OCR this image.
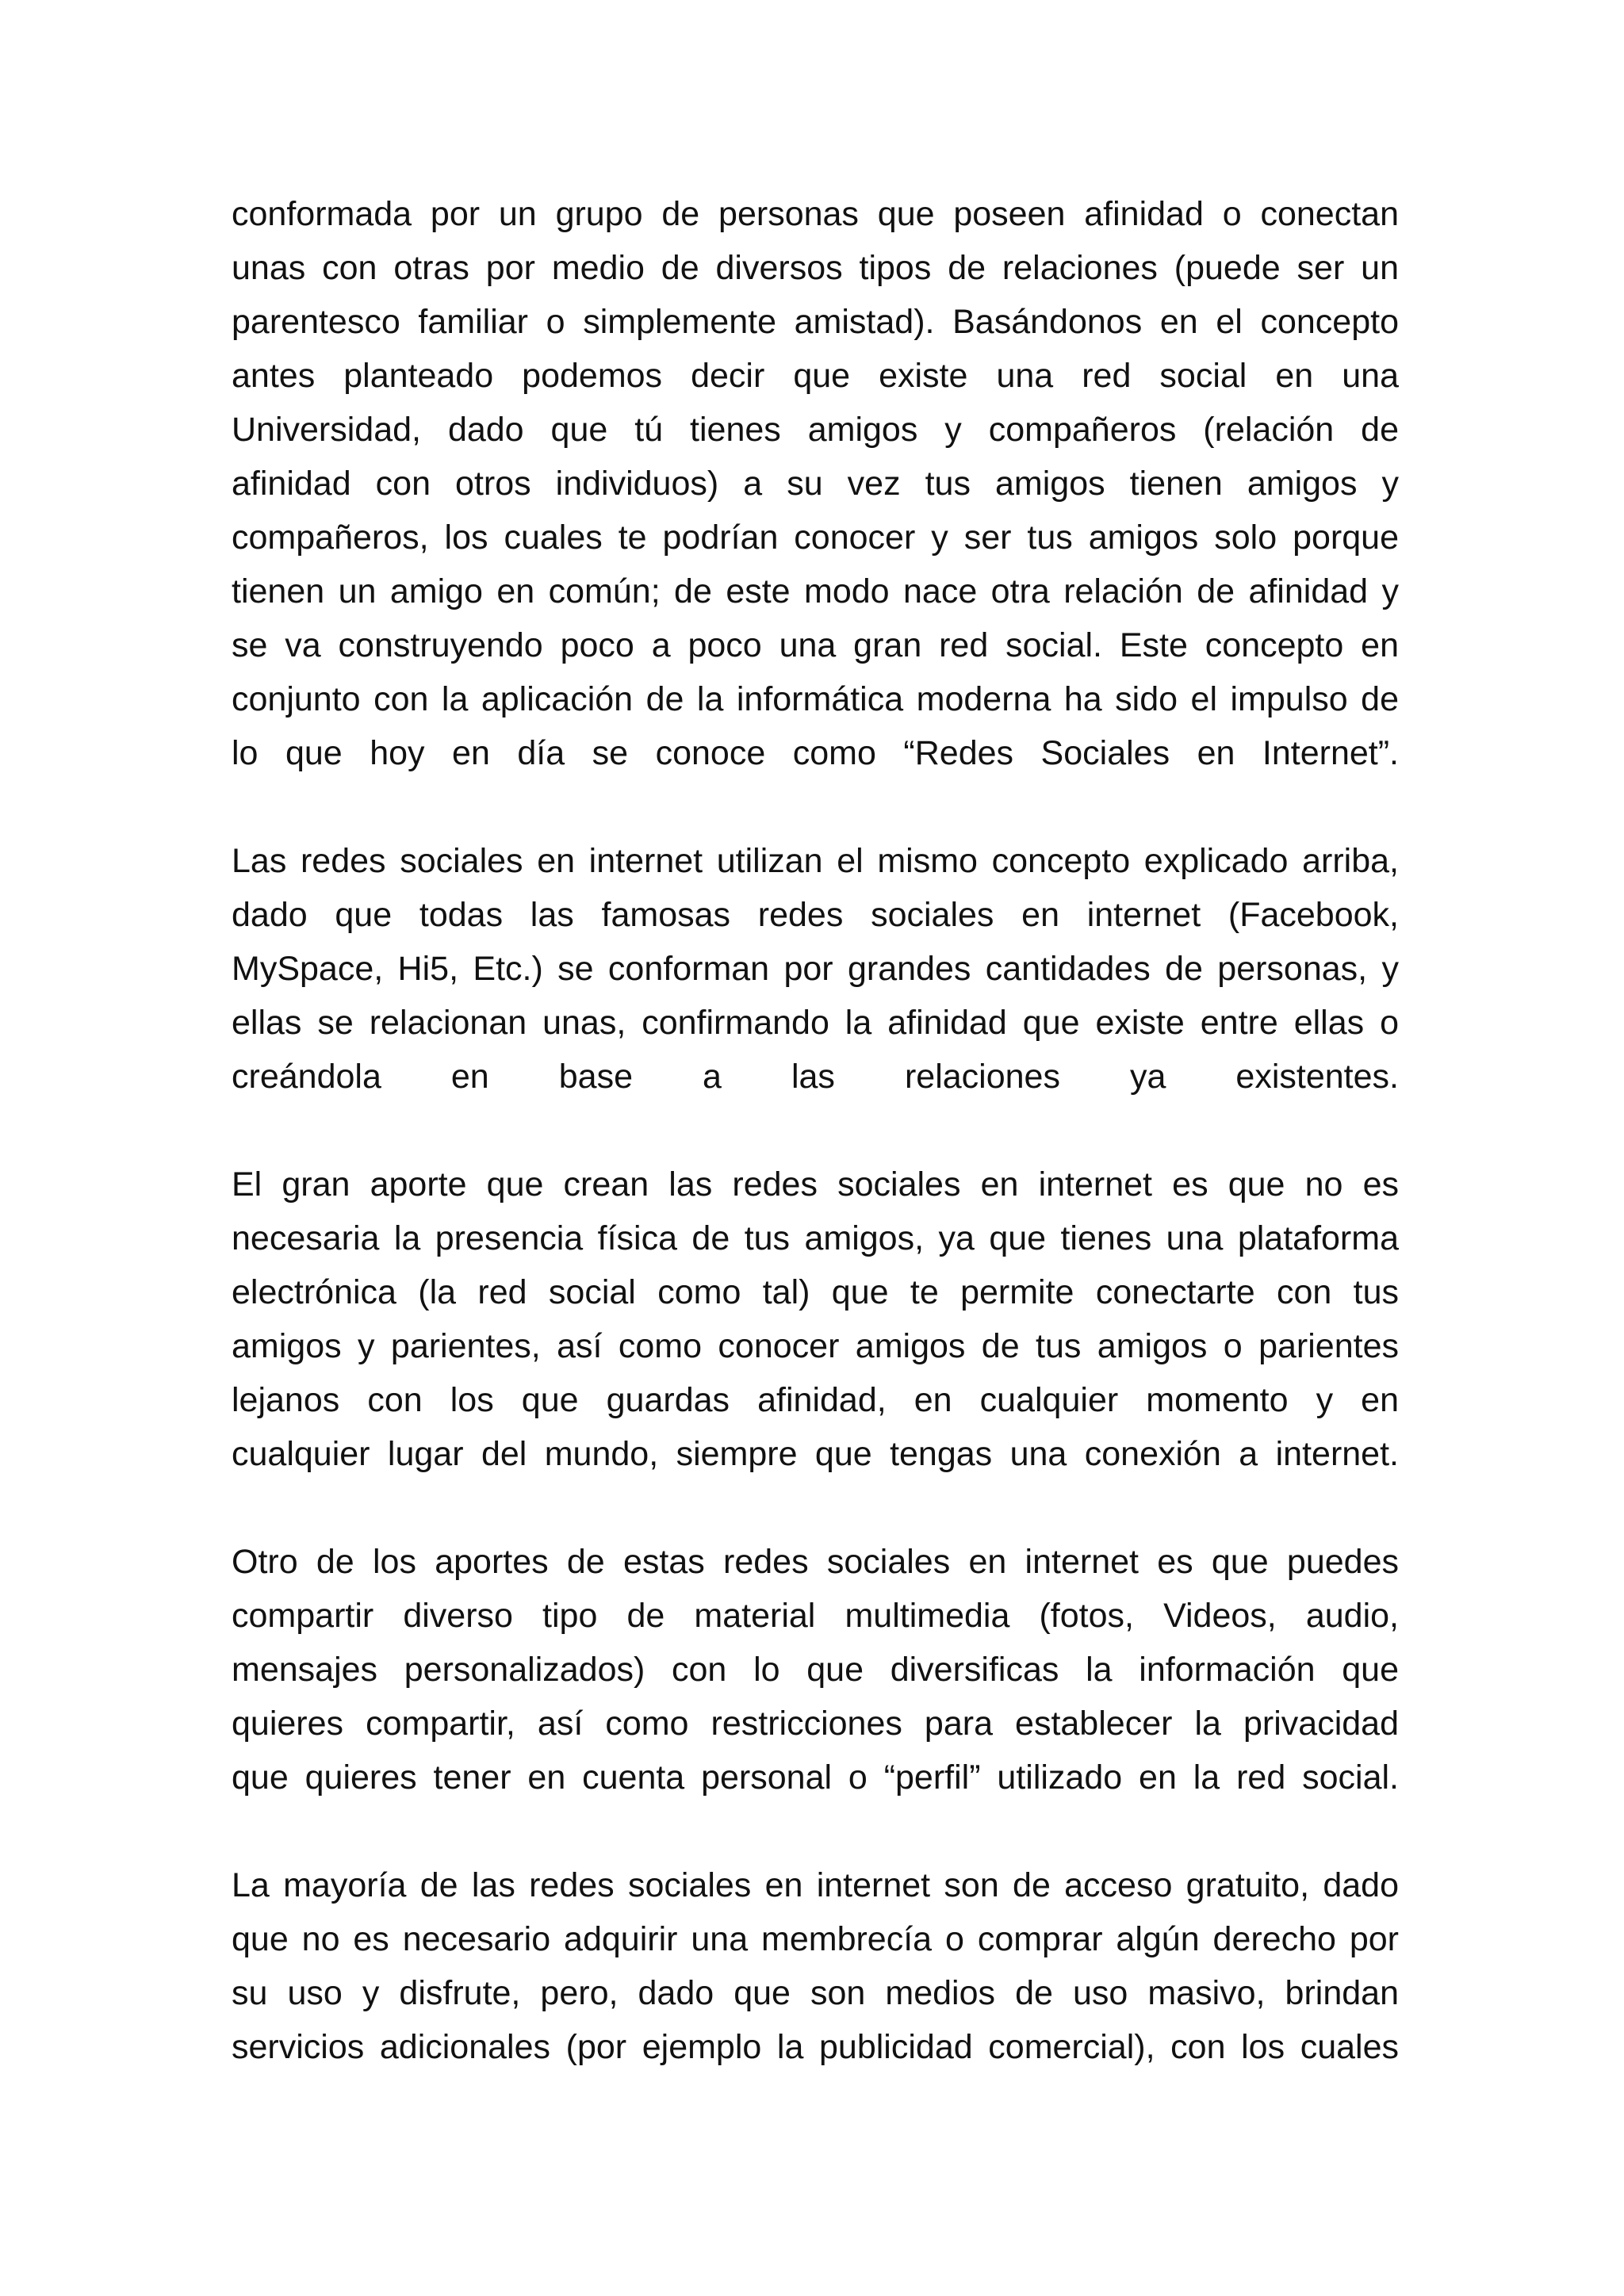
conformada por un grupo de personas que poseen afinidad o conectan
unas con otras por medio de diversos tipos de relaciones (puede ser un
parentesco familiar o simplemente amistad). Basándonos en el concepto
antes planteado podemos decir que existe una red social en una
Universidad, dado que tú tienes amigos y compañeros (relación de
afinidad con otros individuos) a su vez tus amigos tienen amigos y
compañeros, los cuales te podrían conocer y ser tus amigos solo porque
tienen un amigo en común; de este modo nace otra relación de afinidad y
se va construyendo poco a poco una gran red social. Este concepto en
conjunto con la aplicación de la informática moderna ha sido el impulso de
lo que hoy en día se conoce como “Redes Sociales en Internet”.
Las redes sociales en internet utilizan el mismo concepto explicado arriba,
dado que todas las famosas redes sociales en internet (Facebook,
MySpace, Hi5, Etc.) se conforman por grandes cantidades de personas, y
ellas se relacionan unas, confirmando la afinidad que existe entre ellas o
creándola en base a las relaciones ya existentes.
El gran aporte que crean las redes sociales en internet es que no es
necesaria la presencia física de tus amigos, ya que tienes una plataforma
electrónica (la red social como tal) que te permite conectarte con tus
amigos y parientes, así como conocer amigos de tus amigos o parientes
lejanos con los que guardas afinidad, en cualquier momento y en
cualquier lugar del mundo, siempre que tengas una conexión a internet.
Otro de los aportes de estas redes sociales en internet es que puedes
compartir diverso tipo de material multimedia (fotos, Videos, audio,
mensajes personalizados) con lo que diversificas la información que
quieres compartir, así como restricciones para establecer la privacidad
que quieres tener en cuenta personal o “perfil” utilizado en la red social.
La mayoría de las redes sociales en internet son de acceso gratuito, dado
que no es necesario adquirir una membrecía o comprar algún derecho por
su uso y disfrute, pero, dado que son medios de uso masivo, brindan
servicios adicionales (por ejemplo la publicidad comercial), con los cuales
